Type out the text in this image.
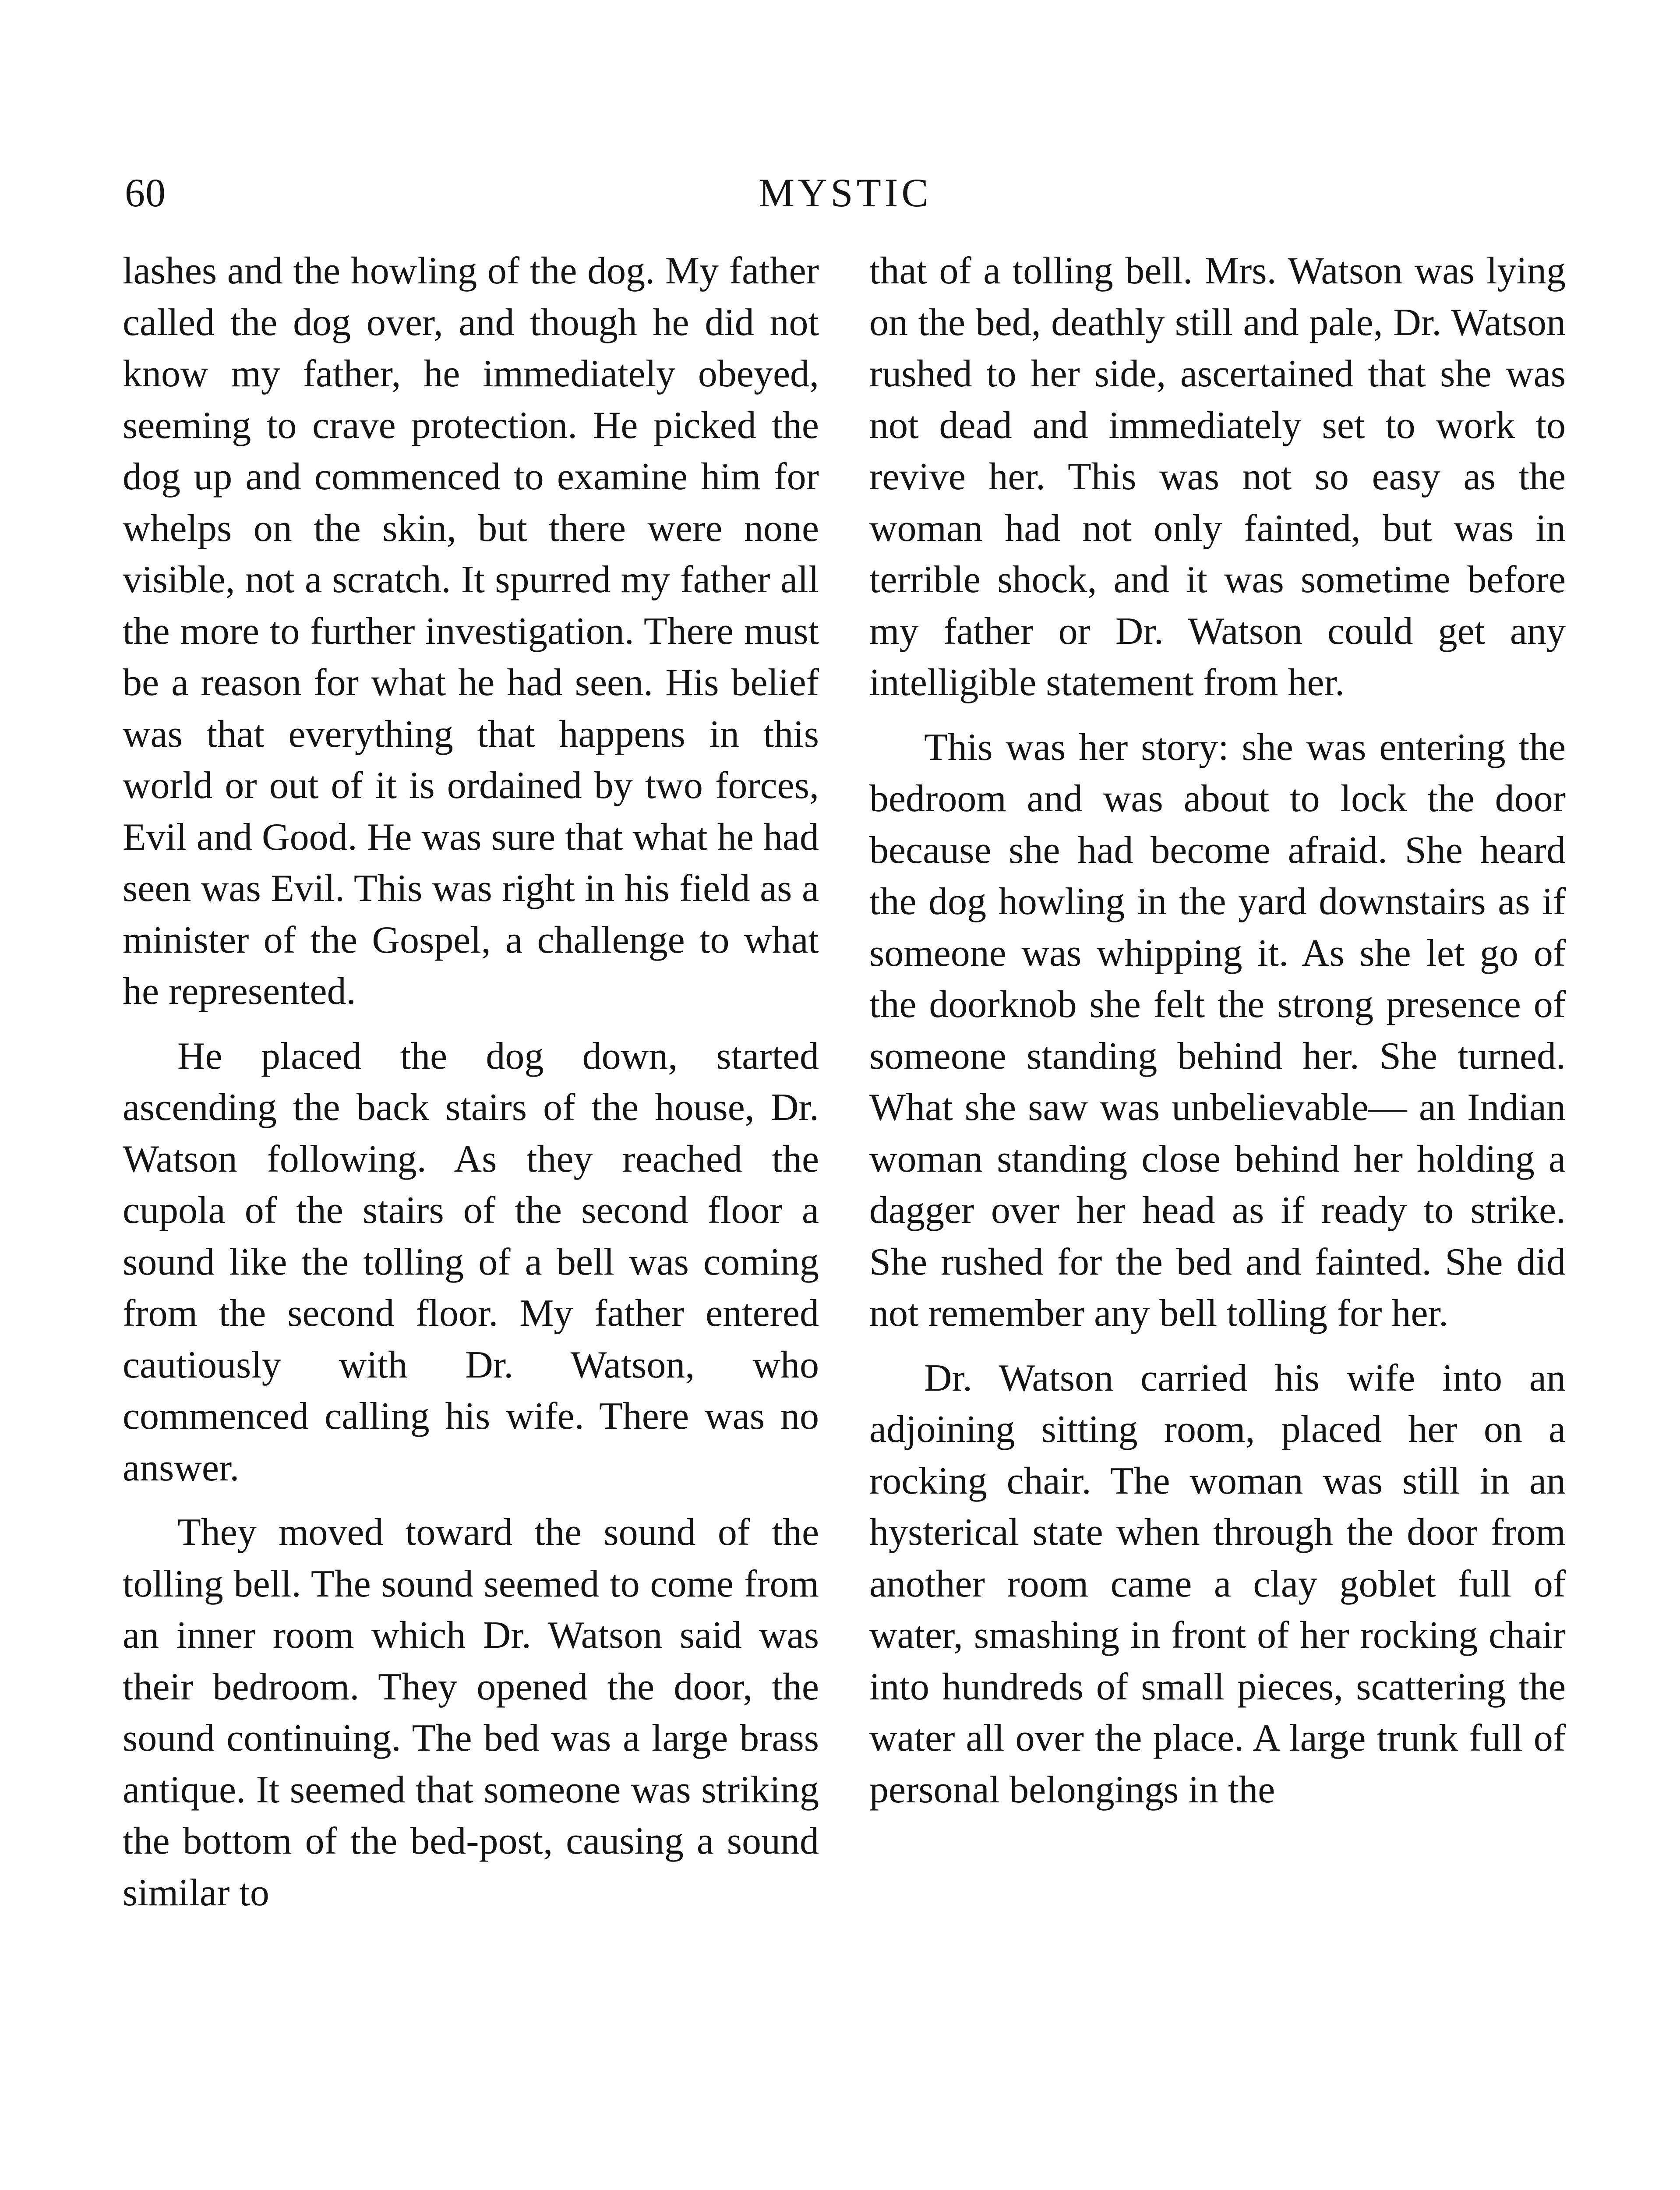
60	MYSTIC

lashes and the howling of the dog. My father called the dog over, and though he did not know my father, he immediately obeyed, seeming to crave protection. He picked the dog up and commenced to examine him for whelps on the skin, but there were none visible, not a scratch. It spurred my father all the more to further investigation. There must be a reason for what he had seen. His belief was that everything that happens in this world or out of it is ordained by two forces, Evil and Good. He was sure that what he had seen was Evil. This was right in his field as a minister of the Gospel, a challenge to what he represented.

He placed the dog down, started ascending the back stairs of the house, Dr. Watson following. As they reached the cupola of the stairs of the second floor a sound like the tolling of a bell was coming from the second floor. My father entered cautiously with Dr. Watson, who commenced calling his wife. There was no answer.

They moved toward the sound of the tolling bell. The sound seemed to come from an inner room which Dr. Watson said was their bedroom. They opened the door, the sound continuing. The bed was a large brass antique. It seemed that someone was striking the bottom of the bed-post, causing a sound similar to

that of a tolling bell. Mrs. Watson was lying on the bed, deathly still and pale, Dr. Watson rushed to her side, ascertained that she was not dead and immediately set to work to revive her. This was not so easy as the woman had not only fainted, but was in terrible shock, and it was sometime before my father or Dr. Watson could get any intelligible statement from her.

This was her story: she was entering the bedroom and was about to lock the door because she had become afraid. She heard the dog howling in the yard downstairs as if someone was whipping it. As she let go of the doorknob she felt the strong presence of someone standing behind her. She turned. What she saw was unbelievable— an Indian woman standing close behind her holding a dagger over her head as if ready to strike. She rushed for the bed and fainted. She did not remember any bell tolling for her.

Dr. Watson carried his wife into an adjoining sitting room, placed her on a rocking chair. The woman was still in an hysterical state when through the door from another room came a clay goblet full of water, smashing in front of her rocking chair into hundreds of small pieces, scattering the water all over the place. A large trunk full of personal belongings in the
